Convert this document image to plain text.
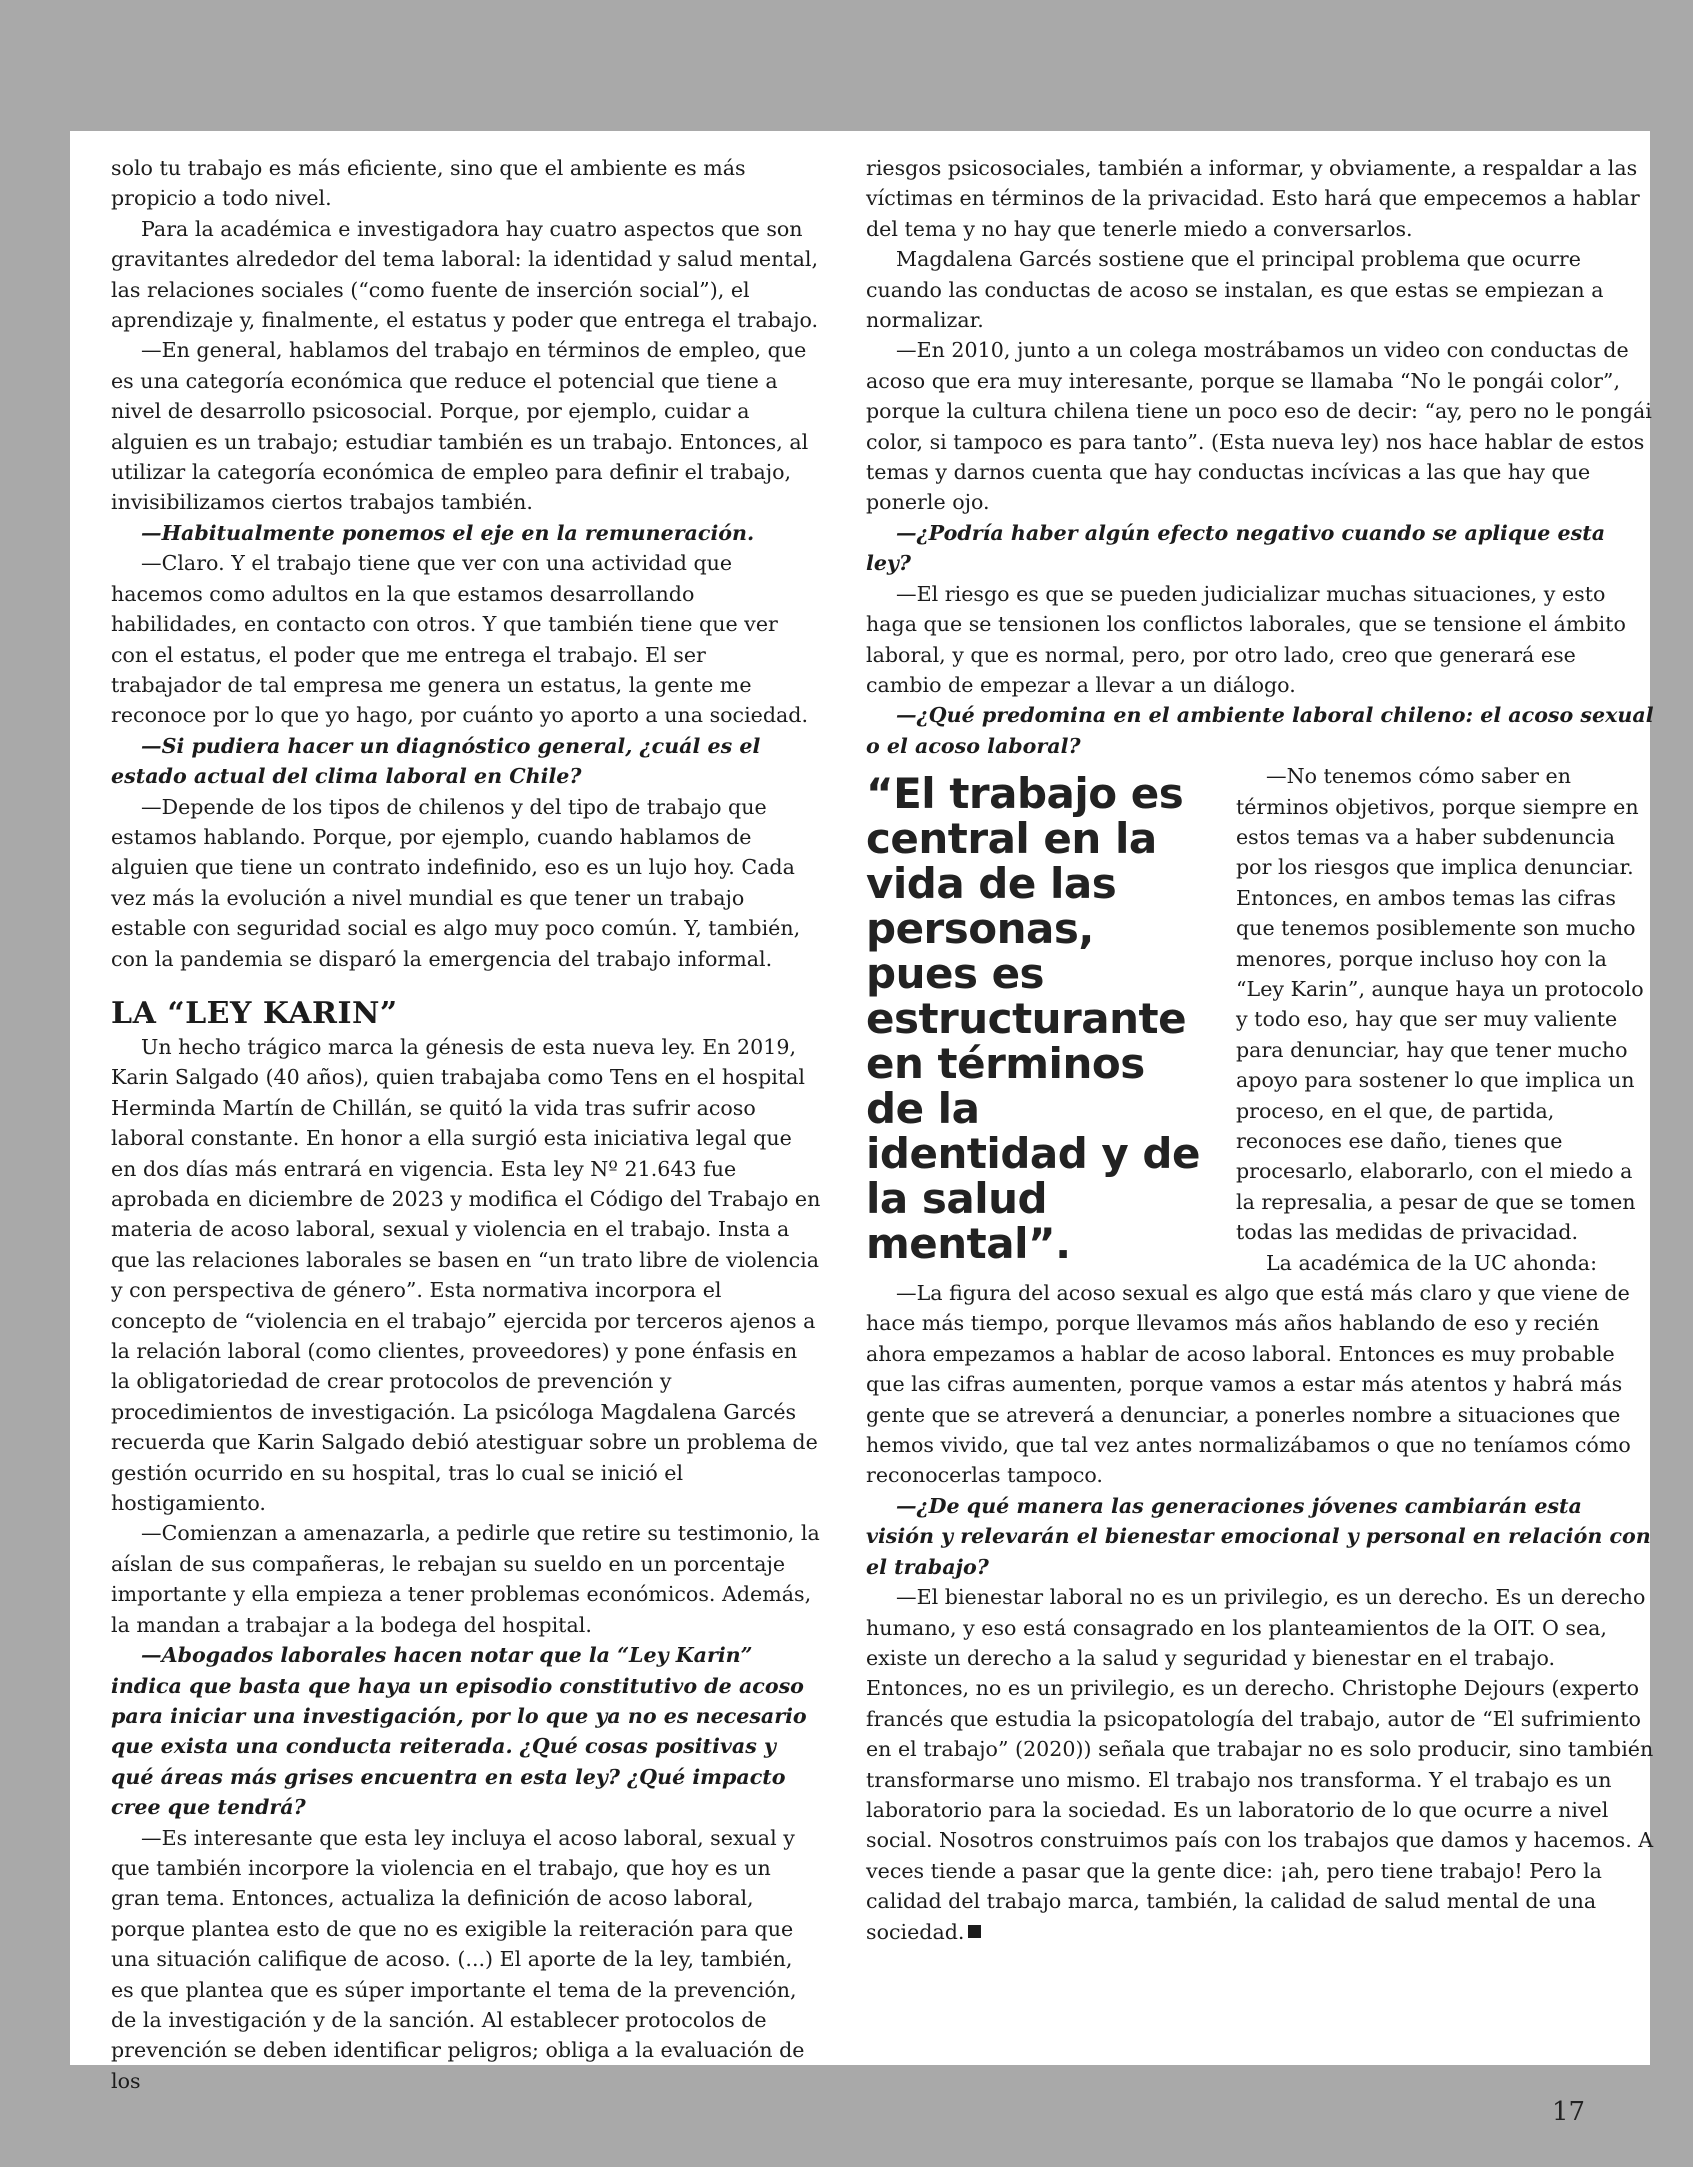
solo tu trabajo es más eficiente, sino que el ambiente es más propicio a todo nivel.

Para la académica e investigadora hay cuatro aspectos que son gravitantes alrededor del tema laboral: la identidad y salud mental, las relaciones sociales (“como fuente de inserción social”), el aprendizaje y, finalmente, el estatus y poder que entrega el trabajo.

—En general, hablamos del trabajo en términos de empleo, que es una categoría económica que reduce el potencial que tiene a nivel de desarrollo psicosocial. Porque, por ejemplo, cuidar a alguien es un trabajo; estudiar también es un trabajo. Entonces, al utilizar la categoría económica de empleo para definir el trabajo, invisibilizamos ciertos trabajos también.

—Habitualmente ponemos el eje en la remuneración.

—Claro. Y el trabajo tiene que ver con una actividad que hacemos como adultos en la que estamos desarrollando habilidades, en contacto con otros. Y que también tiene que ver con el estatus, el poder que me entrega el trabajo. El ser trabajador de tal empresa me genera un estatus, la gente me reconoce por lo que yo hago, por cuánto yo aporto a una sociedad.

—Si pudiera hacer un diagnóstico general, ¿cuál es el estado actual del clima laboral en Chile?

—Depende de los tipos de chilenos y del tipo de trabajo que estamos hablando. Porque, por ejemplo, cuando hablamos de alguien que tiene un contrato indefinido, eso es un lujo hoy. Cada vez más la evolución a nivel mundial es que tener un trabajo estable con seguridad social es algo muy poco común. Y, también, con la pandemia se disparó la emergencia del trabajo informal.

LA “LEY KARIN”

Un hecho trágico marca la génesis de esta nueva ley. En 2019, Karin Salgado (40 años), quien trabajaba como Tens en el hospital Herminda Martín de Chillán, se quitó la vida tras sufrir acoso laboral constante. En honor a ella surgió esta iniciativa legal que en dos días más entrará en vigencia. Esta ley Nº 21.643 fue aprobada en diciembre de 2023 y modifica el Código del Trabajo en materia de acoso laboral, sexual y violencia en el trabajo. Insta a que las relaciones laborales se basen en “un trato libre de violencia y con perspectiva de género”. Esta normativa incorpora el concepto de “violencia en el trabajo” ejercida por terceros ajenos a la relación laboral (como clientes, proveedores) y pone énfasis en la obligatoriedad de crear protocolos de prevención y procedimientos de investigación. La psicóloga Magdalena Garcés recuerda que Karin Salgado debió atestiguar sobre un problema de gestión ocurrido en su hospital, tras lo cual se inició el hostigamiento.

—Comienzan a amenazarla, a pedirle que retire su testimonio, la aíslan de sus compañeras, le rebajan su sueldo en un porcentaje importante y ella empieza a tener problemas económicos. Además, la mandan a trabajar a la bodega del hospital.

—Abogados laborales hacen notar que la “Ley Karin” indica que basta que haya un episodio constitutivo de acoso para iniciar una investigación, por lo que ya no es necesario que exista una conducta reiterada. ¿Qué cosas positivas y qué áreas más grises encuentra en esta ley? ¿Qué impacto cree que tendrá?

—Es interesante que esta ley incluya el acoso laboral, sexual y que también incorpore la violencia en el trabajo, que hoy es un gran tema. Entonces, actualiza la definición de acoso laboral, porque plantea esto de que no es exigible la reiteración para que una situación califique de acoso. (...) El aporte de la ley, también, es que plantea que es súper importante el tema de la prevención, de la investigación y de la sanción. Al establecer protocolos de prevención se deben identificar peligros; obliga a la evaluación de los

riesgos psicosociales, también a informar, y obviamente, a respaldar a las víctimas en términos de la privacidad. Esto hará que empecemos a hablar del tema y no hay que tenerle miedo a conversarlos.

Magdalena Garcés sostiene que el principal problema que ocurre cuando las conductas de acoso se instalan, es que estas se empiezan a normalizar.

—En 2010, junto a un colega mostrábamos un video con conductas de acoso que era muy interesante, porque se llamaba “No le pongái color”, porque la cultura chilena tiene un poco eso de decir: “ay, pero no le pongái color, si tampoco es para tanto”. (Esta nueva ley) nos hace hablar de estos temas y darnos cuenta que hay conductas incívicas a las que hay que ponerle ojo.

—¿Podría haber algún efecto negativo cuando se aplique esta ley?

—El riesgo es que se pueden judicializar muchas situaciones, y esto haga que se tensionen los conflictos laborales, que se tensione el ámbito laboral, y que es normal, pero, por otro lado, creo que generará ese cambio de empezar a llevar a un diálogo.

—¿Qué predomina en el ambiente laboral chileno: el acoso sexual o el acoso laboral?

“El trabajo es central en la vida de las personas, pues es estructurante en términos de la identidad y de la salud mental”.

—No tenemos cómo saber en términos objetivos, porque siempre en estos temas va a haber subdenuncia por los riesgos que implica denunciar. Entonces, en ambos temas las cifras que tenemos posiblemente son mucho menores, porque incluso hoy con la “Ley Karin”, aunque haya un protocolo y todo eso, hay que ser muy valiente para denunciar, hay que tener mucho apoyo para sostener lo que implica un proceso, en el que, de partida, reconoces ese daño, tienes que procesarlo, elaborarlo, con el miedo a la represalia, a pesar de que se tomen todas las medidas de privacidad.

La académica de la UC ahonda:

—La figura del acoso sexual es algo que está más claro y que viene de hace más tiempo, porque llevamos más años hablando de eso y recién ahora empezamos a hablar de acoso laboral. Entonces es muy probable que las cifras aumenten, porque vamos a estar más atentos y habrá más gente que se atreverá a denunciar, a ponerles nombre a situaciones que hemos vivido, que tal vez antes normalizábamos o que no teníamos cómo reconocerlas tampoco.

—¿De qué manera las generaciones jóvenes cambiarán esta visión y relevarán el bienestar emocional y personal en relación con el trabajo?

—El bienestar laboral no es un privilegio, es un derecho. Es un derecho humano, y eso está consagrado en los planteamientos de la OIT. O sea, existe un derecho a la salud y seguridad y bienestar en el trabajo. Entonces, no es un privilegio, es un derecho. Christophe Dejours (experto francés que estudia la psicopatología del trabajo, autor de “El sufrimiento en el trabajo” (2020)) señala que trabajar no es solo producir, sino también transformarse uno mismo. El trabajo nos transforma. Y el trabajo es un laboratorio para la sociedad. Es un laboratorio de lo que ocurre a nivel social. Nosotros construimos país con los trabajos que damos y hacemos. A veces tiende a pasar que la gente dice: ¡ah, pero tiene trabajo! Pero la calidad del trabajo marca, también, la calidad de salud mental de una sociedad.

17
